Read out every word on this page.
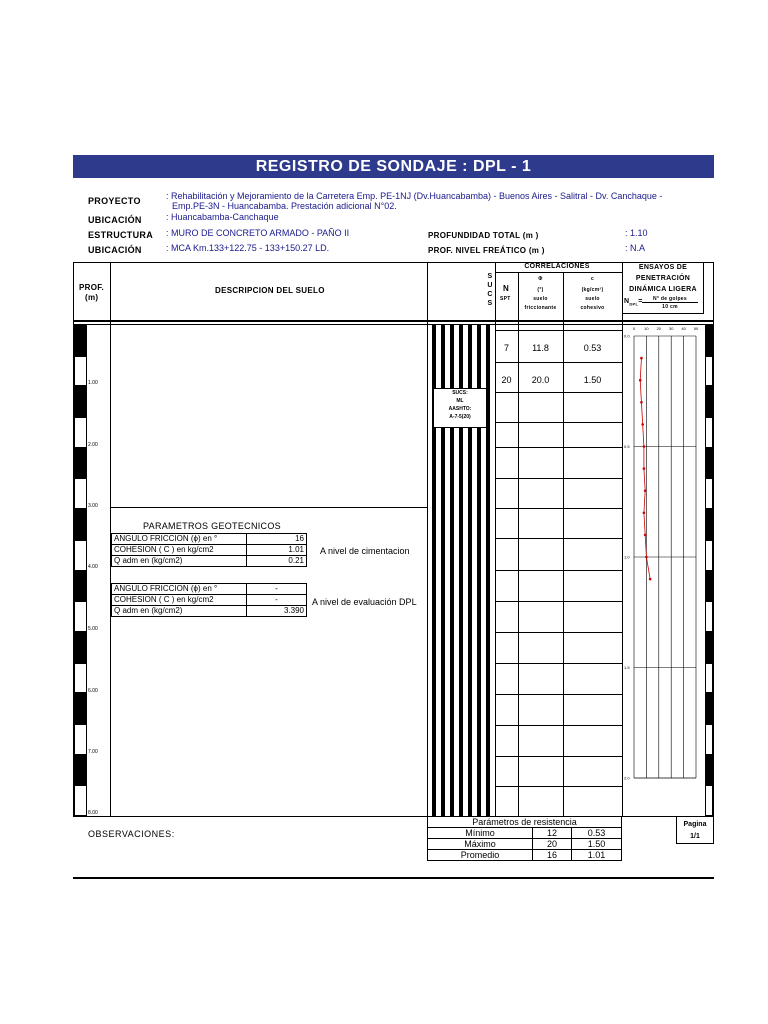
REGISTRO DE SONDAJE : DPL - 1
PROYECTO	: Rehabilitación y Mejoramiento de la Carretera Emp. PE-1NJ (Dv.Huancabamba) - Buenos Aires - Salitral - Dv. Canchaque -
Emp.PE-3N - Huancabamba. Prestación adicional N°02.
UBICACIÓN	: Huancabamba-Canchaque
ESTRUCTURA : MURO DE CONCRETO ARMADO - PAÑO II
UBICACIÓN	: MCA Km.133+122.75 - 133+150.27 LD.
PROFUNDIDAD TOTAL (m )	: 1.10
PROF. NIVEL FREÁTICO (m )	: N.A
PROF.
(m)
DESCRIPCION DEL SUELO
S
U
C
S
CORRELACIONES
N
SPT
Φ
(°)
suelo
friccionante
c
(kg/cm²)
suelo
cohesivo
ENSAYOS DE
PENETRACIÓN
DINÁMICA LIGERA
$N_{DPL}=$	N° de golpes
10 cm
1.00
2.00
3.00
4.00
5.00
6.00
7.00
8.00
SUCS:
ML
AASHTO:
A-7-5(20)
7	11.8	0.53
20	20.0	1.50
0 10 20 30 40 50
0.0
0.5
1.0
1.5
2.0
PARAMETROS GEOTECNICOS
ANGULO FRICCION (ϕ) en °	16
COHESION ( C ) en kg/cm2	1.01
Q adm en (kg/cm2)	0.21
A nivel de cimentacion
ANGULO FRICCION (ϕ) en °	-
COHESION ( C ) en kg/cm2	-
Q adm en (kg/cm2)	3.390
A nivel de evaluación DPL
OBSERVACIONES:
Parámetros de resistencia		
Mínimo	12	0.53
Máximo	20	1.50
Promedio	16	1.01
Pagina
1/1
